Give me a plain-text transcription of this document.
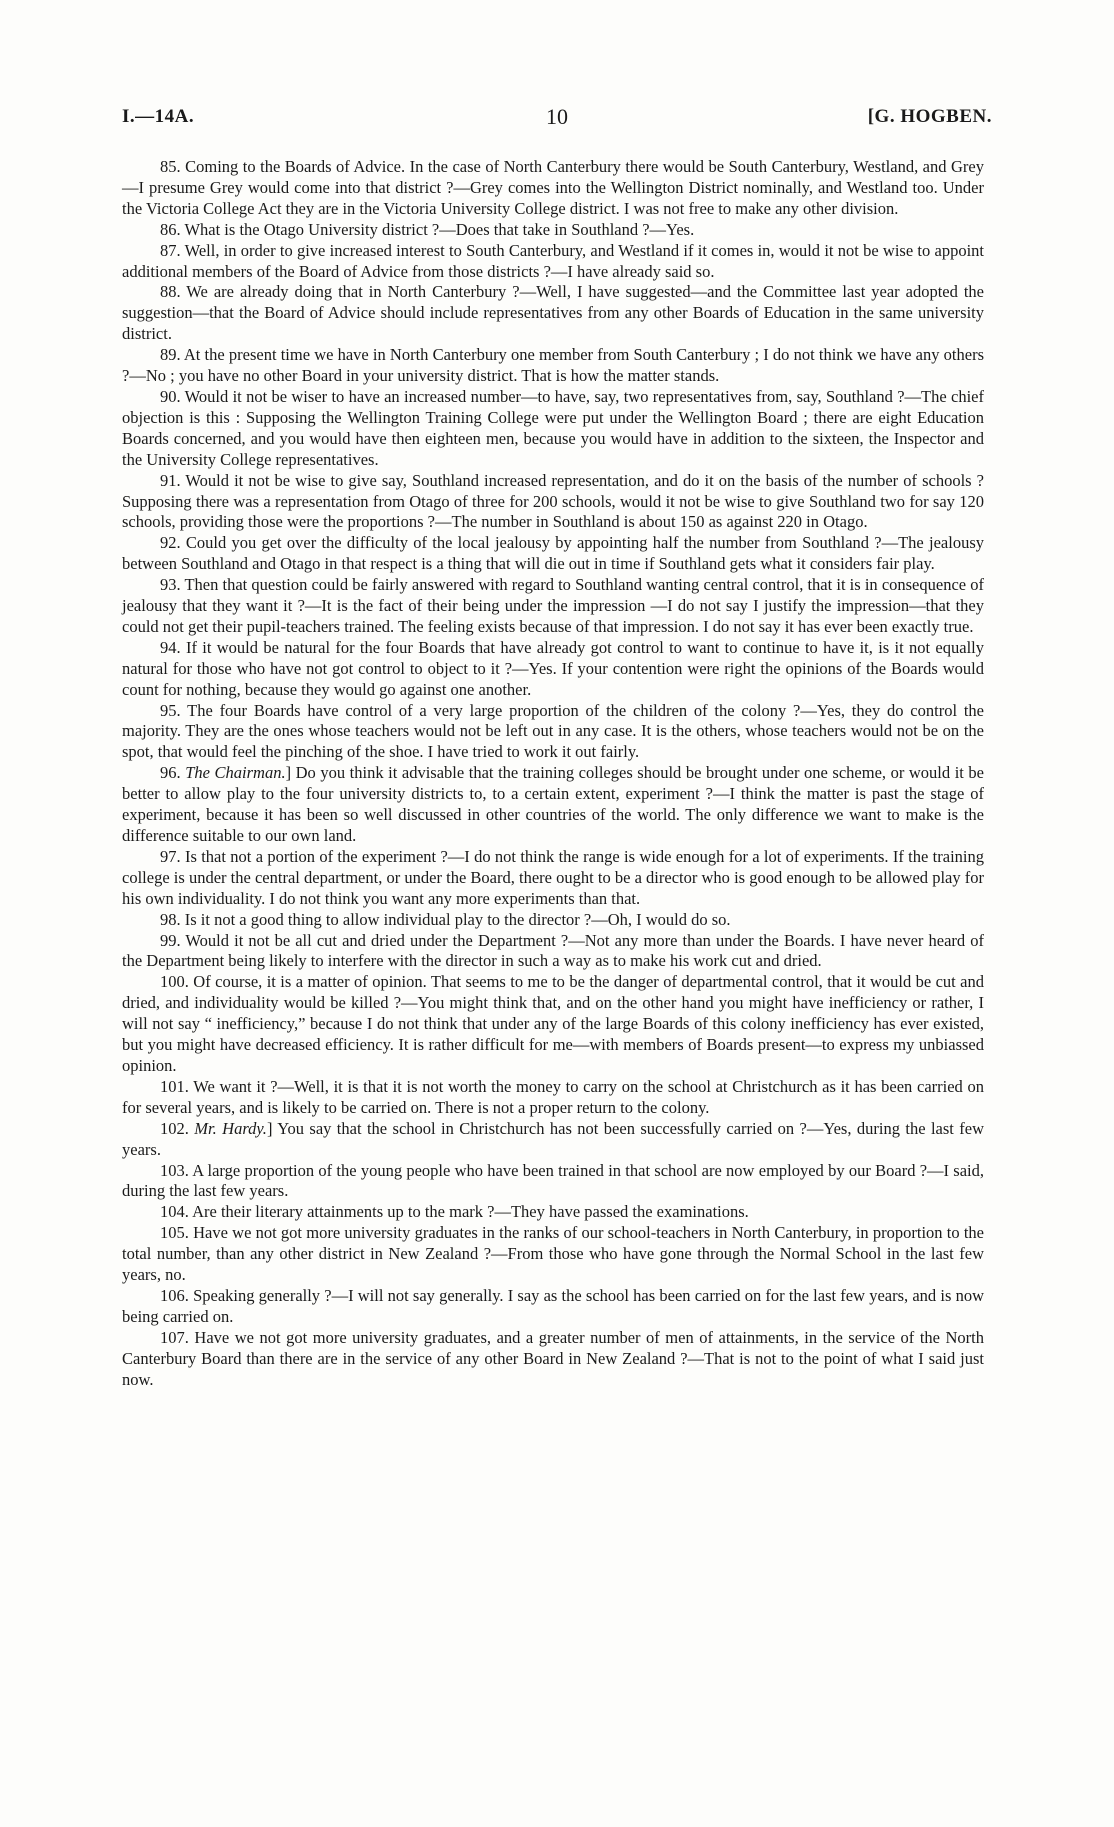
I.—14A.	10	[G. HOGBEN.

85. Coming to the Boards of Advice. In the case of North Canterbury there would be South Canterbury, Westland, and Grey—I presume Grey would come into that district ?—Grey comes into the Wellington District nominally, and Westland too. Under the Victoria College Act they are in the Victoria University College district. I was not free to make any other division.

86. What is the Otago University district ?—Does that take in Southland ?—Yes.

87. Well, in order to give increased interest to South Canterbury, and Westland if it comes in, would it not be wise to appoint additional members of the Board of Advice from those districts ?—I have already said so.

88. We are already doing that in North Canterbury ?—Well, I have suggested—and the Committee last year adopted the suggestion—that the Board of Advice should include representatives from any other Boards of Education in the same university district.

89. At the present time we have in North Canterbury one member from South Canterbury ; I do not think we have any others ?—No ; you have no other Board in your university district. That is how the matter stands.

90. Would it not be wiser to have an increased number—to have, say, two representatives from, say, Southland ?—The chief objection is this : Supposing the Wellington Training College were put under the Wellington Board ; there are eight Education Boards concerned, and you would have then eighteen men, because you would have in addition to the sixteen, the Inspector and the University College representatives.

91. Would it not be wise to give say, Southland increased representation, and do it on the basis of the number of schools ? Supposing there was a representation from Otago of three for 200 schools, would it not be wise to give Southland two for say 120 schools, providing those were the proportions ?—The number in Southland is about 150 as against 220 in Otago.

92. Could you get over the difficulty of the local jealousy by appointing half the number from Southland ?—The jealousy between Southland and Otago in that respect is a thing that will die out in time if Southland gets what it considers fair play.

93. Then that question could be fairly answered with regard to Southland wanting central control, that it is in consequence of jealousy that they want it ?—It is the fact of their being under the impression —I do not say I justify the impression—that they could not get their pupil-teachers trained. The feeling exists because of that impression. I do not say it has ever been exactly true.

94. If it would be natural for the four Boards that have already got control to want to continue to have it, is it not equally natural for those who have not got control to object to it ?—Yes. If your contention were right the opinions of the Boards would count for nothing, because they would go against one another.

95. The four Boards have control of a very large proportion of the children of the colony ?—Yes, they do control the majority. They are the ones whose teachers would not be left out in any case. It is the others, whose teachers would not be on the spot, that would feel the pinching of the shoe. I have tried to work it out fairly.

96. The Chairman.] Do you think it advisable that the training colleges should be brought under one scheme, or would it be better to allow play to the four university districts to, to a certain extent, experiment ?—I think the matter is past the stage of experiment, because it has been so well discussed in other countries of the world. The only difference we want to make is the difference suitable to our own land.

97. Is that not a portion of the experiment ?—I do not think the range is wide enough for a lot of experiments. If the training college is under the central department, or under the Board, there ought to be a director who is good enough to be allowed play for his own individuality. I do not think you want any more experiments than that.

98. Is it not a good thing to allow individual play to the director ?—Oh, I would do so.

99. Would it not be all cut and dried under the Department ?—Not any more than under the Boards. I have never heard of the Department being likely to interfere with the director in such a way as to make his work cut and dried.

100. Of course, it is a matter of opinion. That seems to me to be the danger of departmental control, that it would be cut and dried, and individuality would be killed ?—You might think that, and on the other hand you might have inefficiency or rather, I will not say “ inefficiency,” because I do not think that under any of the large Boards of this colony inefficiency has ever existed, but you might have decreased efficiency. It is rather difficult for me—with members of Boards present—to express my unbiassed opinion.

101. We want it ?—Well, it is that it is not worth the money to carry on the school at Christchurch as it has been carried on for several years, and is likely to be carried on. There is not a proper return to the colony.

102. Mr. Hardy.] You say that the school in Christchurch has not been successfully carried on ?—Yes, during the last few years.

103. A large proportion of the young people who have been trained in that school are now employed by our Board ?—I said, during the last few years.

104. Are their literary attainments up to the mark ?—They have passed the examinations.

105. Have we not got more university graduates in the ranks of our school-teachers in North Canterbury, in proportion to the total number, than any other district in New Zealand ?—From those who have gone through the Normal School in the last few years, no.

106. Speaking generally ?—I will not say generally. I say as the school has been carried on for the last few years, and is now being carried on.

107. Have we not got more university graduates, and a greater number of men of attainments, in the service of the North Canterbury Board than there are in the service of any other Board in New Zealand ?—That is not to the point of what I said just now.
